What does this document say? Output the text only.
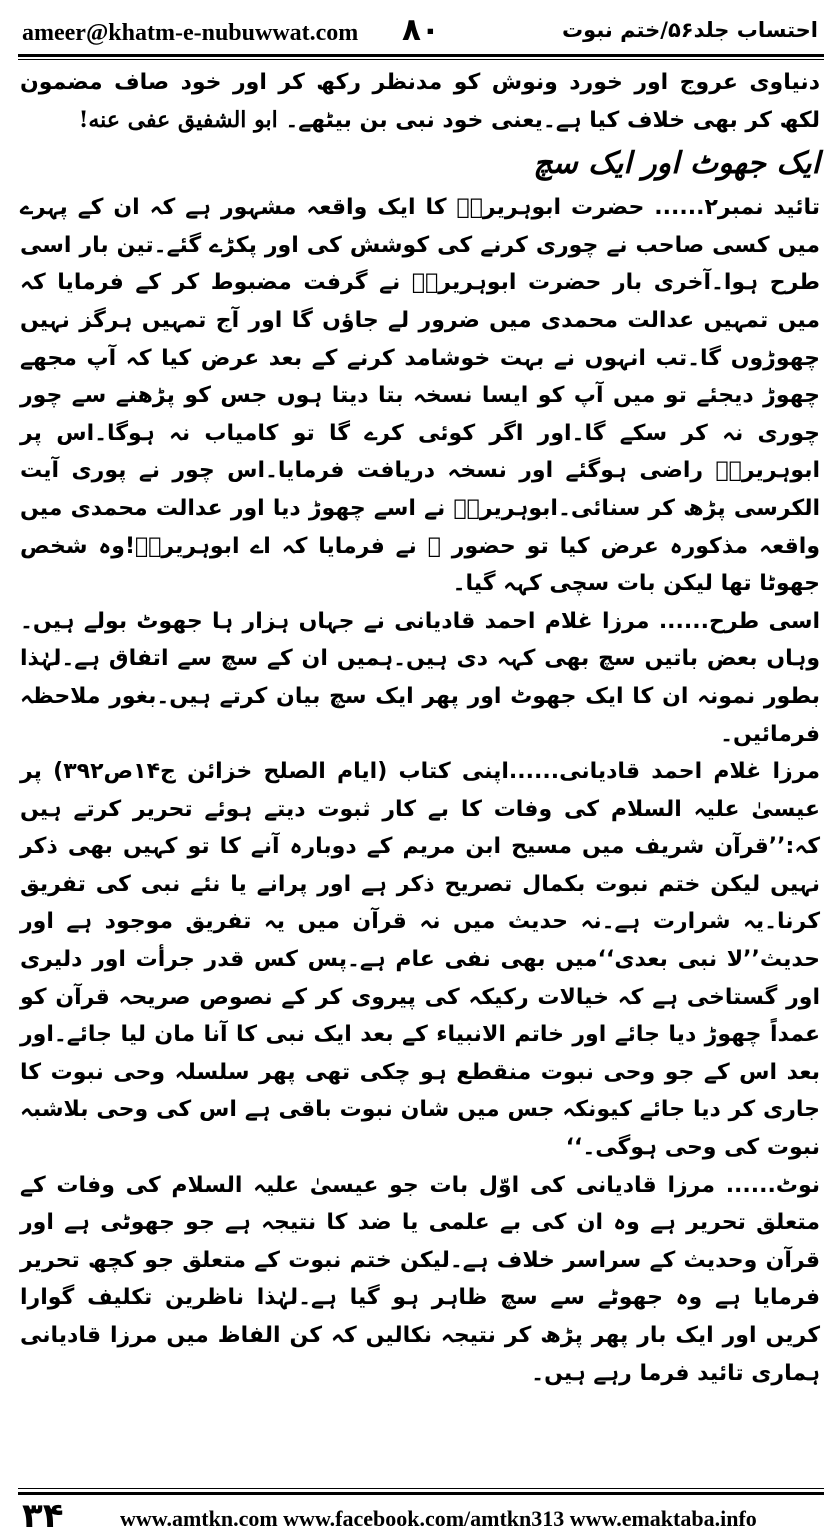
ameer@khatm-e-nubuwwat.com ۸۰	احتساب جلد۵۶/ختم نبوت

دنیاوی عروج اور خورد ونوش کو مدنظر رکھ کر اور خود صاف مضمون لکھ کر بھی خلاف کیا ہے۔یعنی خود نبی بن بیٹھے۔ ابو الشفیق عفی عنه!

ایک جھوٹ اور ایک سچ

تائید نمبر۲...... حضرت ابوہریرہؓ کا ایک واقعہ مشہور ہے کہ ان کے پہرے میں کسی صاحب نے چوری کرنے کی کوشش کی اور پکڑے گئے۔تین بار اسی طرح ہوا۔آخری بار حضرت ابوہریرہؓ نے گرفت مضبوط کر کے فرمایا کہ میں تمہیں عدالت محمدی میں ضرور لے جاؤں گا اور آج تمہیں ہرگز نہیں چھوڑوں گا۔تب انہوں نے بہت خوشامد کرنے کے بعد عرض کیا کہ آپ مجھے چھوڑ دیجئے تو میں آپ کو ایسا نسخہ بتا دیتا ہوں جس کو پڑھنے سے چور چوری نہ کر سکے گا۔اور اگر کوئی کرے گا تو کامیاب نہ ہوگا۔اس پر ابوہریرہؓ راضی ہوگئے اور نسخہ دریافت فرمایا۔اس چور نے پوری آیت الکرسی پڑھ کر سنائی۔ابوہریرہؓ نے اسے چھوڑ دیا اور عدالت محمدی میں واقعہ مذکورہ عرض کیا تو حضور ﷺ نے فرمایا کہ اے ابوہریرہؓ!وہ شخص جھوٹا تھا لیکن بات سچی کہہ گیا۔

اسی طرح...... مرزا غلام احمد قادیانی نے جہاں ہزار ہا جھوٹ بولے ہیں۔وہاں بعض باتیں سچ بھی کہہ دی ہیں۔ہمیں ان کے سچ سے اتفاق ہے۔لہٰذا بطور نمونہ ان کا ایک جھوٹ اور پھر ایک سچ بیان کرتے ہیں۔بغور ملاحظہ فرمائیں۔

مرزا غلام احمد قادیانی......اپنی کتاب (ایام الصلح خزائن ج۱۴ص۳۹۲) پر عیسیٰ علیہ السلام کی وفات کا بے کار ثبوت دیتے ہوئے تحریر کرتے ہیں کہ:’’قرآن شریف میں مسیح ابن مریم کے دوبارہ آنے کا تو کہیں بھی ذکر نہیں لیکن ختم نبوت بکمال تصریح ذکر ہے اور پرانے یا نئے نبی کی تفریق کرنا۔یہ شرارت ہے۔نہ حدیث میں نہ قرآن میں یہ تفریق موجود ہے اور حدیث’’لا نبی بعدی‘‘میں بھی نفی عام ہے۔پس کس قدر جرأت اور دلیری اور گستاخی ہے کہ خیالات رکیکہ کی پیروی کر کے نصوص صریحہ قرآن کو عمداً چھوڑ دیا جائے اور خاتم الانبیاء کے بعد ایک نبی کا آنا مان لیا جائے۔اور بعد اس کے جو وحی نبوت منقطع ہو چکی تھی پھر سلسلہ وحی نبوت کا جاری کر دیا جائے کیونکہ جس میں شان نبوت باقی ہے اس کی وحی بلاشبہ نبوت کی وحی ہوگی۔‘‘

نوٹ...... مرزا قادیانی کی اوّل بات جو عیسیٰ علیہ السلام کی وفات کے متعلق تحریر ہے وہ ان کی بے علمی یا ضد کا نتیجہ ہے جو جھوٹی ہے اور قرآن وحدیث کے سراسر خلاف ہے۔لیکن ختم نبوت کے متعلق جو کچھ تحریر فرمایا ہے وہ جھوٹے سے سچ ظاہر ہو گیا ہے۔لہٰذا ناظرین تکلیف گوارا کریں اور ایک بار پھر پڑھ کر نتیجہ نکالیں کہ کن الفاظ میں مرزا قادیانی ہماری تائید فرما رہے ہیں۔

۳۴	www.amtkn.com www.facebook.com/amtkn313 www.emaktaba.info
